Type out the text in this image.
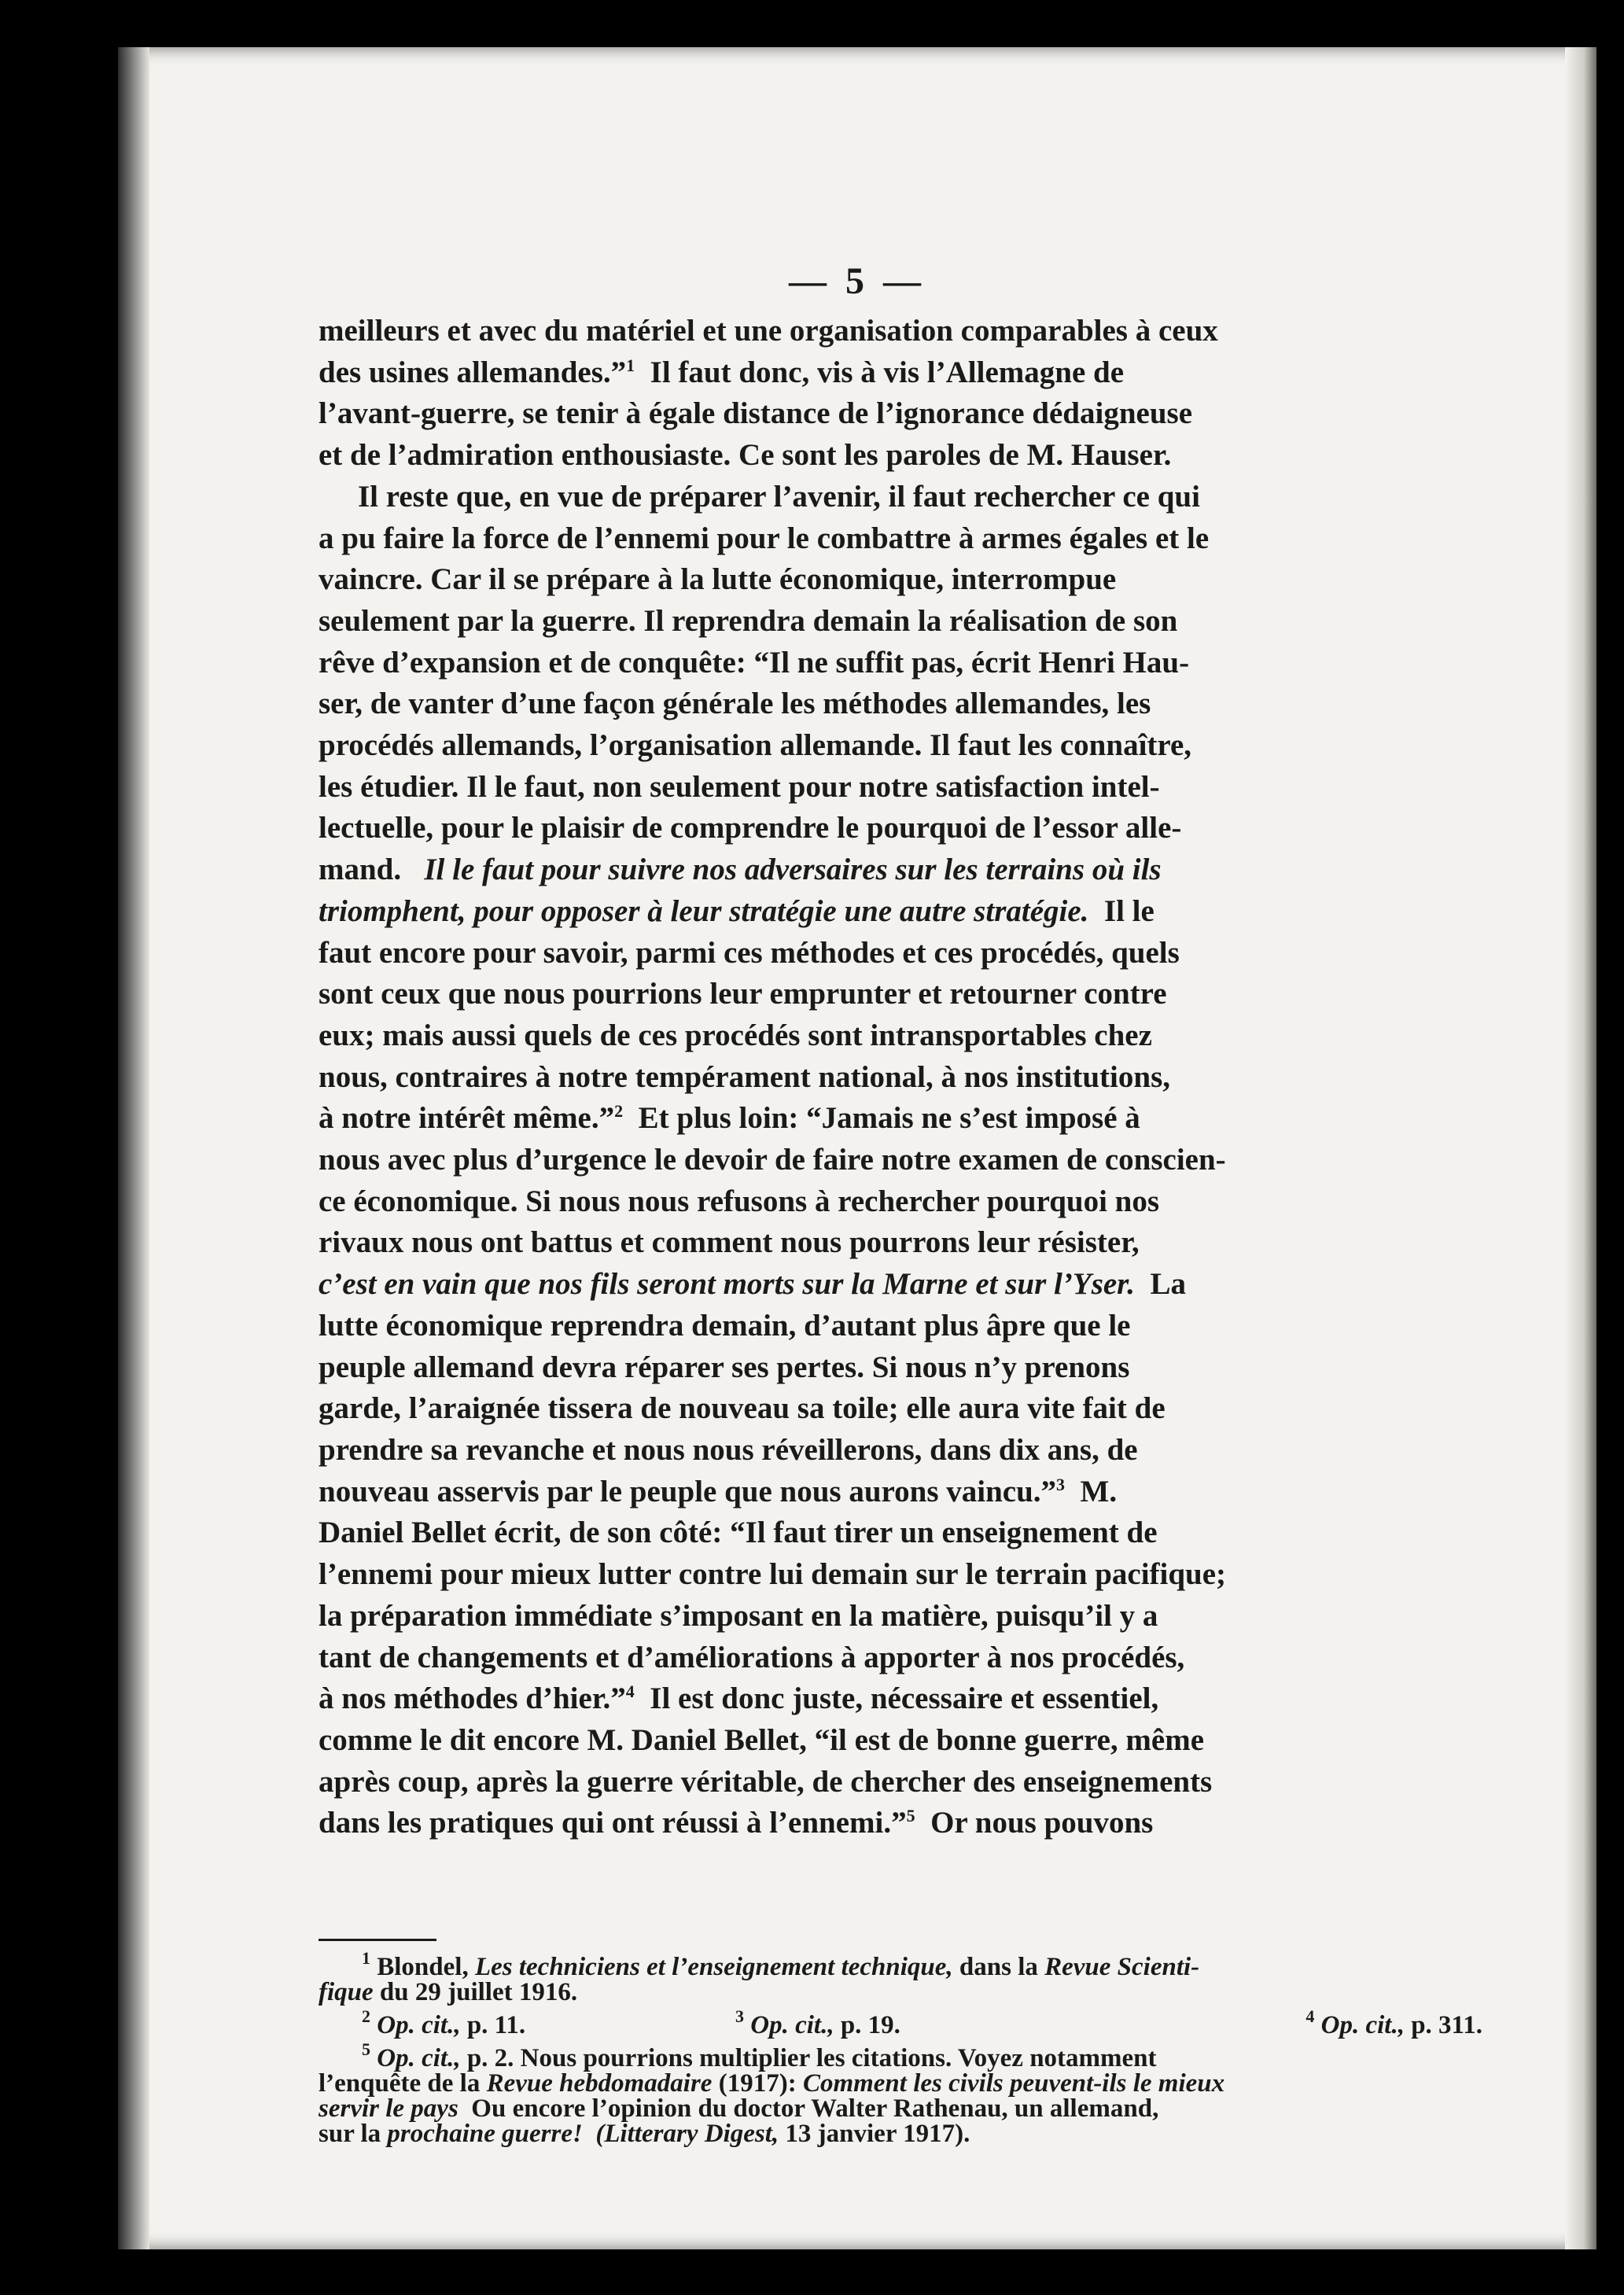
— 5 —
meilleurs et avec du matériel et une organisation comparables à ceux
des usines allemandes.”$^1$ Il faut donc, vis à vis l’Allemagne de
l’avant-guerre, se tenir à égale distance de l’ignorance dédaigneuse
et de l’admiration enthousiaste. Ce sont les paroles de M. Hauser.
Il reste que, en vue de préparer l’avenir, il faut rechercher ce qui
a pu faire la force de l’ennemi pour le combattre à armes égales et le
vaincre. Car il se prépare à la lutte économique, interrompue
seulement par la guerre. Il reprendra demain la réalisation de son
rêve d’expansion et de conquête: “Il ne suffit pas, écrit Henri Hau-
ser, de vanter d’une façon générale les méthodes allemandes, les
procédés allemands, l’organisation allemande. Il faut les connaître,
les étudier. Il le faut, non seulement pour notre satisfaction intel-
lectuelle, pour le plaisir de comprendre le pourquoi de l’essor alle-
mand.
Il le faut pour suivre nos adversaires sur les terrains où ils
triomphent, pour opposer à leur stratégie une autre stratégie. Il le
faut encore pour savoir, parmi ces méthodes et ces procédés, quels
sont ceux que nous pourrions leur emprunter et retourner contre
eux; mais aussi quels de ces procédés sont intransportables chez
nous, contraires à notre tempérament national, à nos institutions,
à notre intérêt même.”$^2$ Et plus loin: “Jamais ne s’est imposé à
nous avec plus d’urgence le devoir de faire notre examen de conscien-
ce économique. Si nous nous refusons à rechercher pourquoi nos
rivaux nous ont battus et comment nous pourrons leur résister,
c’est en vain que nos fils seront morts sur la Marne et sur l’Yser. La
lutte économique reprendra demain, d’autant plus âpre que le
peuple allemand devra réparer ses pertes. Si nous n’y prenons
garde, l’araignée tissera de nouveau sa toile; elle aura vite fait de
prendre sa revanche et nous nous réveillerons, dans dix ans, de
nouveau asservis par le peuple que nous aurons vaincu.”$^3$ M.
Daniel Bellet écrit, de son côté: “Il faut tirer un enseignement de
l’ennemi pour mieux lutter contre lui demain sur le terrain pacifique;
la préparation immédiate s’imposant en la matière, puisqu’il y a
tant de changements et d’améliorations à apporter à nos procédés,
à nos méthodes d’hier.”$^4$ Il est donc juste, nécessaire et essentiel,
comme le dit encore M. Daniel Bellet, “il est de bonne guerre, même
après coup, après la guerre véritable, de chercher des enseignements
dans les pratiques qui ont réussi à l’ennemi.”$^5$ Or nous pouvons
$^1$ Blondel, Les techniciens et l’enseignement technique, dans la Revue Scienti-
fique
du 29 juillet 1916.
$^2$ Op. cit., p. 11.	$^3$ Op. cit., p. 19.	$^4$ Op. cit., p. 311.
$^5$ Op. cit., p. 2. Nous pourrions multiplier les citations. Voyez notamment
l’enquête de la Revue hebdomadaire (1917): Comment les civils peuvent-ils le mieux
servir le pays Ou encore l’opinion du doctor Walter Rathenau, un allemand,
sur la
prochaine guerre!
(Litterary Digest,
13 janvier 1917).
